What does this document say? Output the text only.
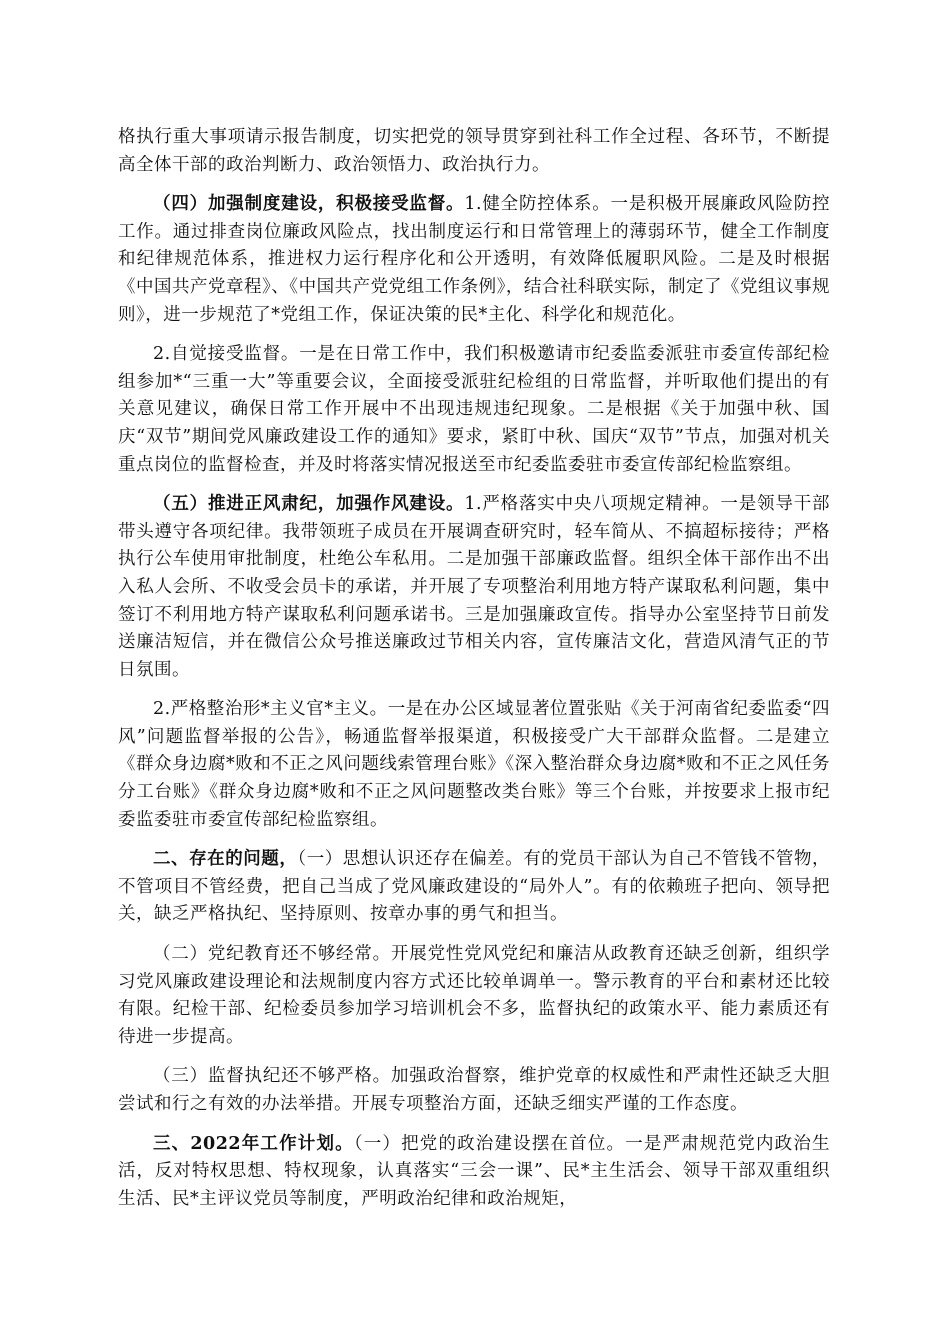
格执行重大事项请示报告制度，切实把党的领导贯穿到社科工作全过程、各环节，不断提高全体干部的政治判断力、政治领悟力、政治执行力。

（四）加强制度建设，积极接受监督。1.健全防控体系。一是积极开展廉政风险防控工作。通过排查岗位廉政风险点，找出制度运行和日常管理上的薄弱环节，健全工作制度和纪律规范体系，推进权力运行程序化和公开透明，有效降低履职风险。二是及时根据《中国共产党章程》、《中国共产党党组工作条例》，结合社科联实际，制定了《党组议事规则》，进一步规范了*党组工作，保证决策的民*主化、科学化和规范化。

2.自觉接受监督。一是在日常工作中，我们积极邀请市纪委监委派驻市委宣传部纪检组参加*“三重一大”等重要会议，全面接受派驻纪检组的日常监督，并听取他们提出的有关意见建议，确保日常工作开展中不出现违规违纪现象。二是根据《关于加强中秋、国庆“双节”期间党风廉政建设工作的通知》要求，紧盯中秋、国庆“双节”节点，加强对机关重点岗位的监督检查，并及时将落实情况报送至市纪委监委驻市委宣传部纪检监察组。

（五）推进正风肃纪，加强作风建设。1.严格落实中央八项规定精神。一是领导干部带头遵守各项纪律。我带领班子成员在开展调查研究时，轻车简从、不搞超标接待；严格执行公车使用审批制度，杜绝公车私用。二是加强干部廉政监督。组织全体干部作出不出入私人会所、不收受会员卡的承诺，并开展了专项整治利用地方特产谋取私利问题，集中签订不利用地方特产谋取私利问题承诺书。三是加强廉政宣传。指导办公室坚持节日前发送廉洁短信，并在微信公众号推送廉政过节相关内容，宣传廉洁文化，营造风清气正的节日氛围。

2.严格整治形*主义官*主义。一是在办公区域显著位置张贴《关于河南省纪委监委“四风”问题监督举报的公告》，畅通监督举报渠道，积极接受广大干部群众监督。二是建立《群众身边腐*败和不正之风问题线索管理台账》《深入整治群众身边腐*败和不正之风任务分工台账》《群众身边腐*败和不正之风问题整改类台账》等三个台账，并按要求上报市纪委监委驻市委宣传部纪检监察组。

二、存在的问题，（一）思想认识还存在偏差。有的党员干部认为自己不管钱不管物，不管项目不管经费，把自己当成了党风廉政建设的“局外人”。有的依赖班子把向、领导把关，缺乏严格执纪、坚持原则、按章办事的勇气和担当。

（二）党纪教育还不够经常。开展党性党风党纪和廉洁从政教育还缺乏创新，组织学习党风廉政建设理论和法规制度内容方式还比较单调单一。警示教育的平台和素材还比较有限。纪检干部、纪检委员参加学习培训机会不多，监督执纪的政策水平、能力素质还有待进一步提高。

（三）监督执纪还不够严格。加强政治督察，维护党章的权威性和严肃性还缺乏大胆尝试和行之有效的办法举措。开展专项整治方面，还缺乏细实严谨的工作态度。

三、2022年工作计划。（一）把党的政治建设摆在首位。一是严肃规范党内政治生活，反对特权思想、特权现象，认真落实“三会一课”、民*主生活会、领导干部双重组织生活、民*主评议党员等制度，严明政治纪律和政治规矩，
